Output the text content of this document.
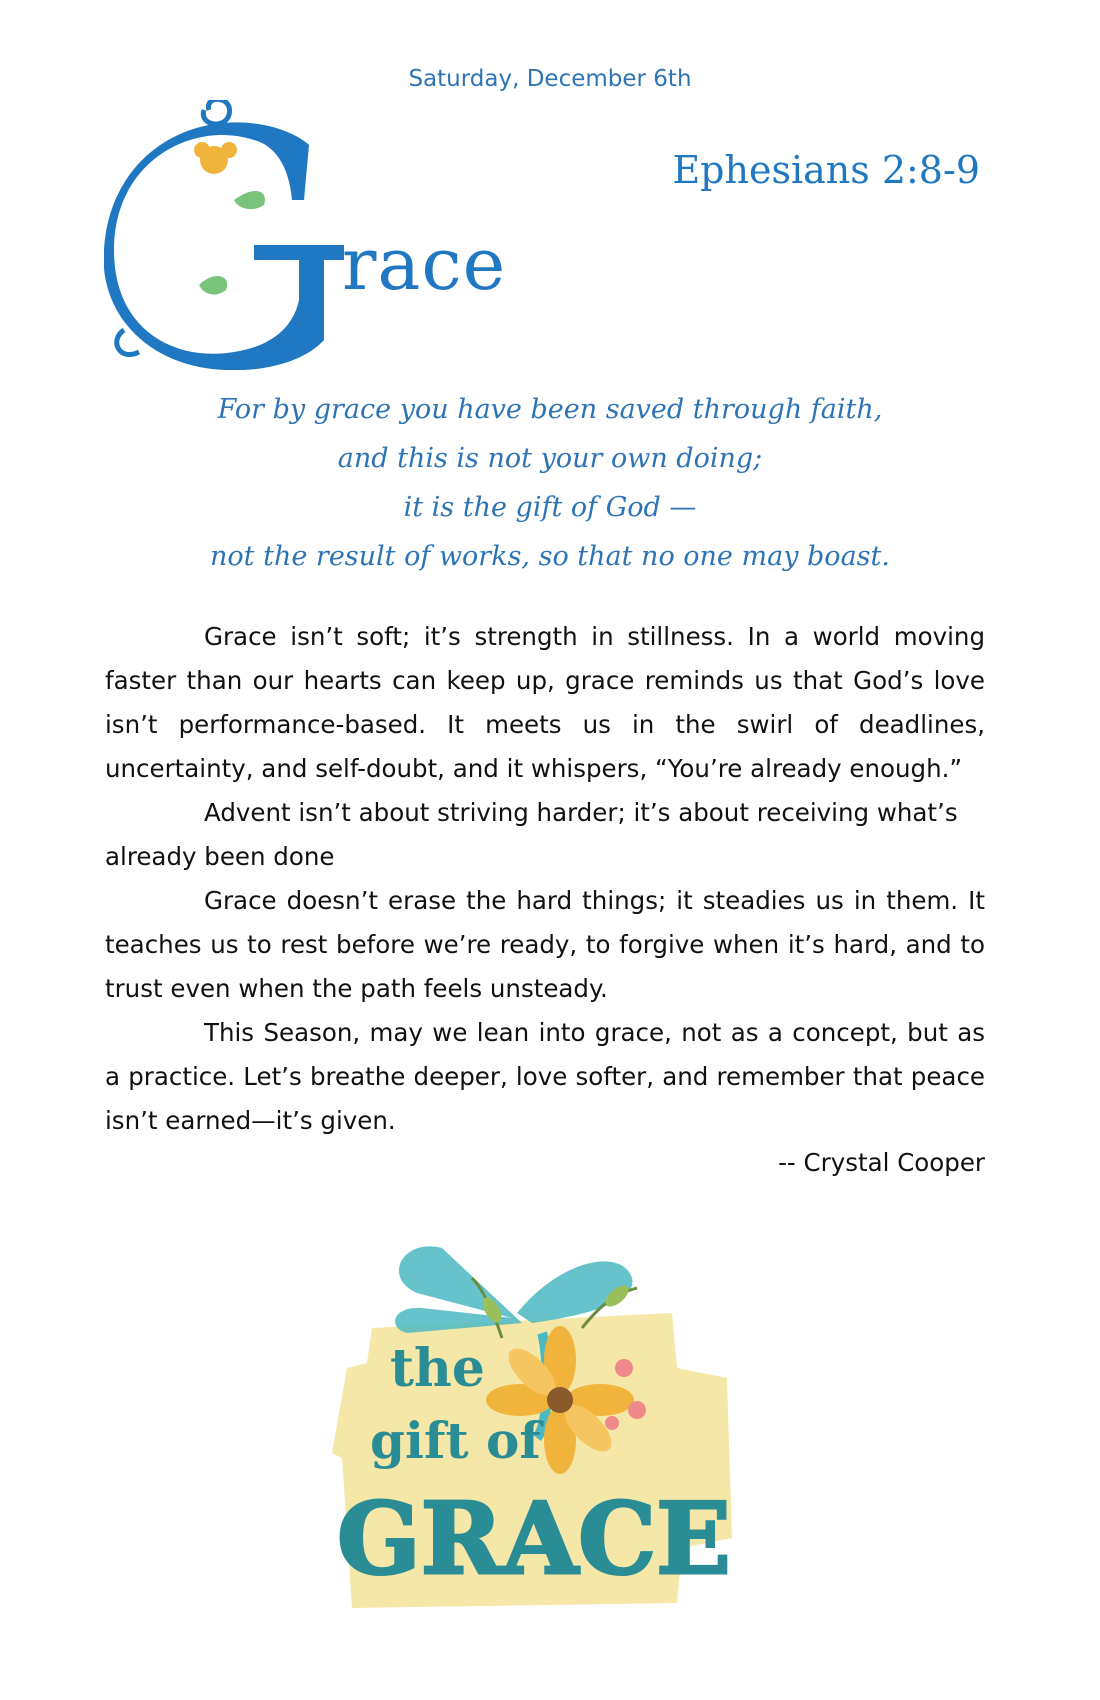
Saturday, December 6th
Ephesians 2:8-9
race
For by grace you have been saved through faith,
and this is not your own doing;
it is the gift of God —
not the result of works, so that no one may boast.

Grace isn’t soft; it’s strength in stillness. In a world moving faster than our hearts can keep up, grace reminds us that God’s love isn’t performance-based. It meets us in the swirl of deadlines, uncertainty, and self-doubt, and it whispers, “You’re already enough.”

Advent isn’t about striving harder; it’s about receiving what’s already been done

Grace doesn’t erase the hard things; it steadies us in them. It teaches us to rest before we’re ready, to forgive when it’s hard, and to trust even when the path feels unsteady.

This Season, may we lean into grace, not as a concept, but as a practice. Let’s breathe deeper, love softer, and remember that peace isn’t earned—it’s given.

-- Crystal Cooper
the
gift of
GRACE
